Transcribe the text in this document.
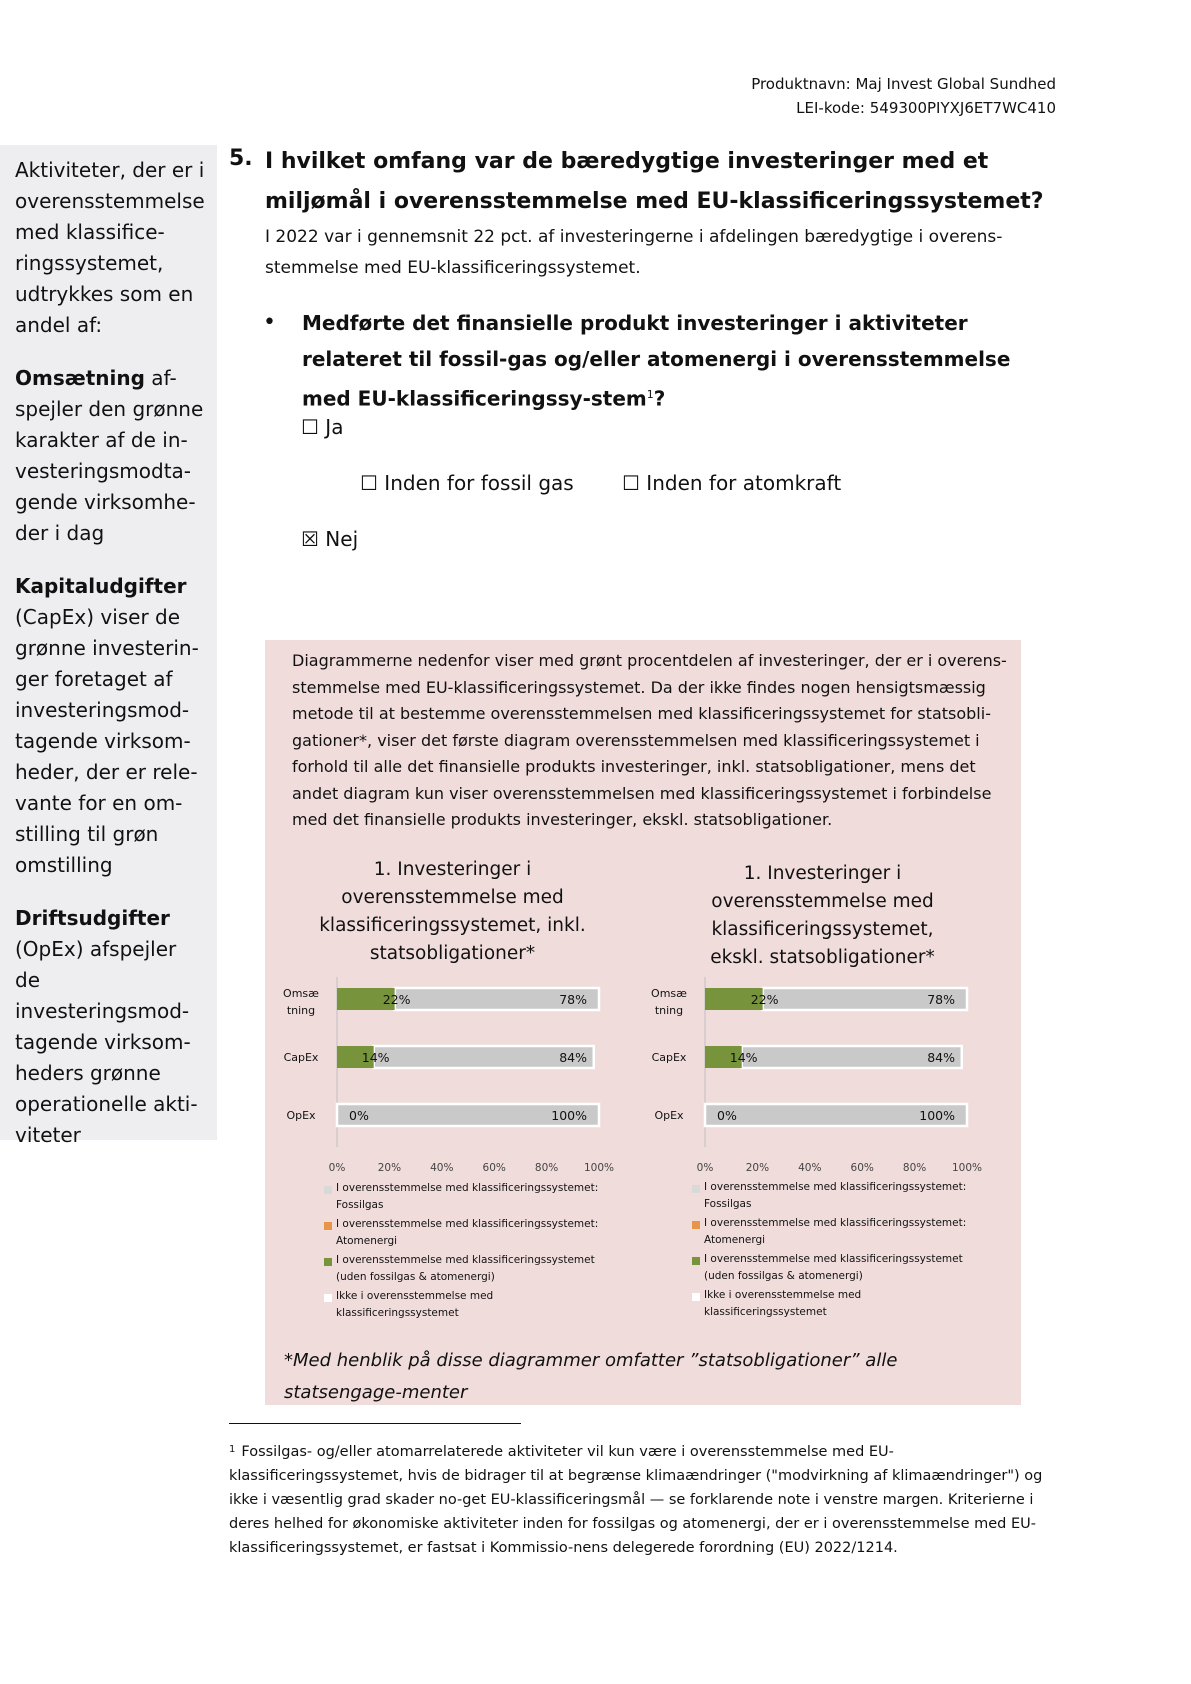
Produktnavn: Maj Invest Global Sundhed
LEI-kode: 549300PIYXJ6ET7WC410

Aktiviteter, der er i overensstemmelse med klassifice-ringssystemet, udtrykkes som en andel af:

Omsætning af-spejler den grønne karakter af de in-vesteringsmodta-gende virksomhe-der i dag

Kapitaludgifter
(CapEx) viser de grønne investerin-ger foretaget af investeringsmod-tagende virksom-heder, der er rele-vante for en om-stilling til grøn omstilling

Driftsudgifter
(OpEx) afspejler de investeringsmod-tagende virksom-heders grønne operationelle akti-viteter

5. I hvilket omfang var de bæredygtige investeringer med et miljømål i overensstemmelse med EU-klassificeringssystemet?
I 2022 var i gennemsnit 22 pct. af investeringerne i afdelingen bæredygtige i overens-stemmelse med EU-klassificeringssystemet.
• Medførte det finansielle produkt investeringer i aktiviteter relateret til fossil-gas og/eller atomenergi i overensstemmelse med EU-klassificeringssy-stem$^1$?
☐ Ja
☐ Inden for fossil gas ☐ Inden for atomkraft
☒ Nej
Diagrammerne nedenfor viser med grønt procentdelen af investeringer, der er i overens-stemmelse med EU-klassificeringssystemet. Da der ikke findes nogen hensigtsmæssig metode til at bestemme overensstemmelsen med klassificeringssystemet for statsobli-gationer*, viser det første diagram overensstemmelsen med klassificeringssystemet i forhold til alle det finansielle produkts investeringer, inkl. statsobligationer, mens det andet diagram kun viser overensstemmelsen med klassificeringssystemet i forbindelse med det finansielle produkts investeringer, ekskl. statsobligationer.
1. Investeringer i overensstemmelse med klassificeringssystemet, inkl. statsobligationer*
1. Investeringer i overensstemmelse med klassificeringssystemet, ekskl. statsobligationer*
Omsæ tning
22%	78%
CapEx	14%	84%
OpEx	0%	100%
0%	20%	40%	60%	80% 100%
Omsæ tning
22%	78%
CapEx	14%	84%
OpEx	0%	100%
0%	20%	40%	60%	80% 100%
I overensstemmelse med klassificeringssystemet:
Fossilgas
I overensstemmelse med klassificeringssystemet:
Atomenergi
I overensstemmelse med klassificeringssystemet
(uden fossilgas & atomenergi)
Ikke i overensstemmelse med
klassificeringssystemet
I overensstemmelse med klassificeringssystemet:
Fossilgas
I overensstemmelse med klassificeringssystemet:
Atomenergi
I overensstemmelse med klassificeringssystemet
(uden fossilgas & atomenergi)
Ikke i overensstemmelse med
klassificeringssystemet
*Med henblik på disse diagrammer omfatter ”statsobligationer” alle statsengage-menter
$^1$ Fossilgas- og/eller atomarrelaterede aktiviteter vil kun være i overensstemmelse med EU-klassificeringssystemet, hvis de bidrager til at begrænse klimaændringer ("modvirkning af klimaændringer") og ikke i væsentlig grad skader no-get EU-klassificeringsmål — se forklarende note i venstre margen. Kriterierne i deres helhed for økonomiske aktiviteter inden for fossilgas og atomenergi, der er i overensstemmelse med EU-klassificeringssystemet, er fastsat i Kommissio-nens delegerede forordning (EU) 2022/1214.
